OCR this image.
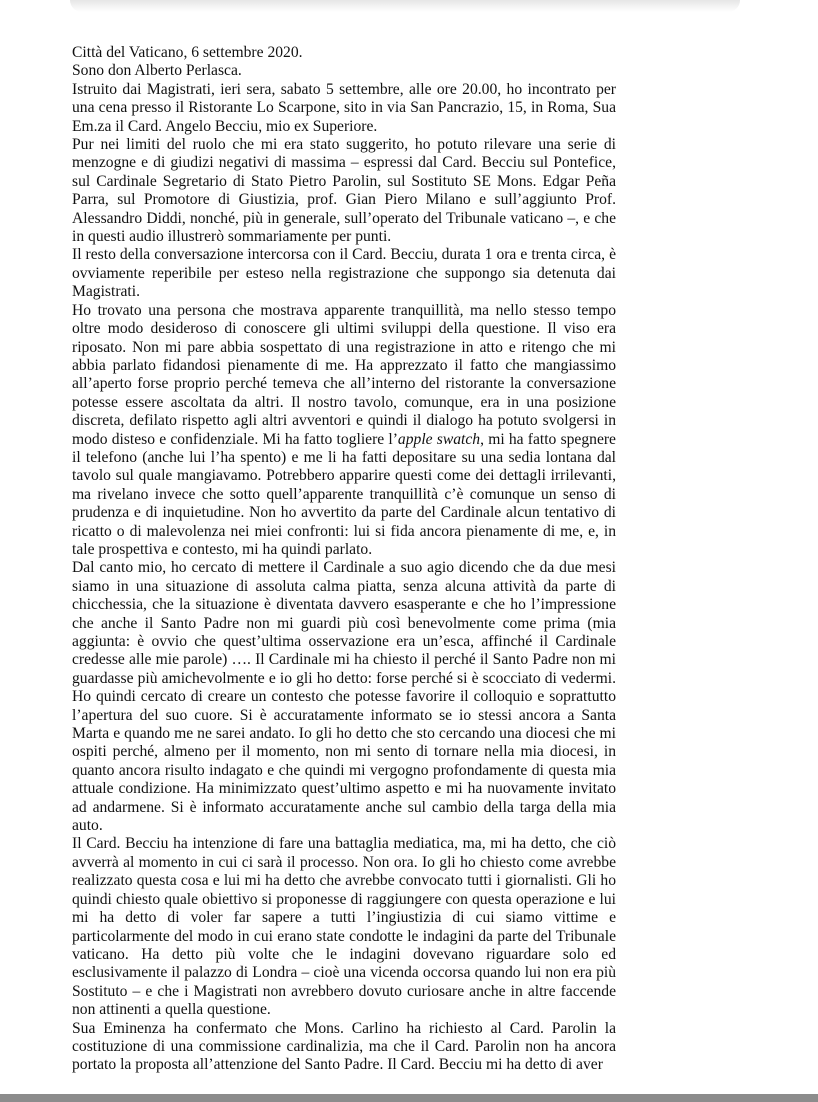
Città del Vaticano, 6 settembre 2020.

Sono don Alberto Perlasca.

Istruito dai Magistrati, ieri sera, sabato 5 settembre, alle ore 20.00, ho incontrato per una cena presso il Ristorante Lo Scarpone, sito in via San Pancrazio, 15, in Roma, Sua Em.za il Card. Angelo Becciu, mio ex Superiore.

Pur nei limiti del ruolo che mi era stato suggerito, ho potuto rilevare una serie di menzogne e di giudizi negativi di massima – espressi dal Card. Becciu sul Pontefice, sul Cardinale Segretario di Stato Pietro Parolin, sul Sostituto SE Mons. Edgar Peña Parra, sul Promotore di Giustizia, prof. Gian Piero Milano e sull’aggiunto Prof. Alessandro Diddi, nonché, più in generale, sull’operato del Tribunale vaticano –, e che in questi audio illustrerò sommariamente per punti.

Il resto della conversazione intercorsa con il Card. Becciu, durata 1 ora e trenta circa, è ovviamente reperibile per esteso nella registrazione che suppongo sia detenuta dai Magistrati.

Ho trovato una persona che mostrava apparente tranquillità, ma nello stesso tempo oltre modo desideroso di conoscere gli ultimi sviluppi della questione. Il viso era riposato. Non mi pare abbia sospettato di una registrazione in atto e ritengo che mi abbia parlato fidandosi pienamente di me. Ha apprezzato il fatto che mangiassimo all’aperto forse proprio perché temeva che all’interno del ristorante la conversazione potesse essere ascoltata da altri. Il nostro tavolo, comunque, era in una posizione discreta, defilato rispetto agli altri avventori e quindi il dialogo ha potuto svolgersi in modo disteso e confidenziale. Mi ha fatto togliere l’apple swatch, mi ha fatto spegnere il telefono (anche lui l’ha spento) e me li ha fatti depositare su una sedia lontana dal tavolo sul quale mangiavamo. Potrebbero apparire questi come dei dettagli irrilevanti, ma rivelano invece che sotto quell’apparente tranquillità c’è comunque un senso di prudenza e di inquietudine. Non ho avvertito da parte del Cardinale alcun tentativo di ricatto o di malevolenza nei miei confronti: lui si fida ancora pienamente di me, e, in tale prospettiva e contesto, mi ha quindi parlato.

Dal canto mio, ho cercato di mettere il Cardinale a suo agio dicendo che da due mesi siamo in una situazione di assoluta calma piatta, senza alcuna attività da parte di chicchessia, che la situazione è diventata davvero esasperante e che ho l’impressione che anche il Santo Padre non mi guardi più così benevolmente come prima (mia aggiunta: è ovvio che quest’ultima osservazione era un’esca, affinché il Cardinale credesse alle mie parole) …. Il Cardinale mi ha chiesto il perché il Santo Padre non mi guardasse più amichevolmente e io gli ho detto: forse perché si è scocciato di vedermi. Ho quindi cercato di creare un contesto che potesse favorire il colloquio e soprattutto l’apertura del suo cuore. Si è accuratamente informato se io stessi ancora a Santa Marta e quando me ne sarei andato. Io gli ho detto che sto cercando una diocesi che mi ospiti perché, almeno per il momento, non mi sento di tornare nella mia diocesi, in quanto ancora risulto indagato e che quindi mi vergogno profondamente di questa mia attuale condizione. Ha minimizzato quest’ultimo aspetto e mi ha nuovamente invitato ad andarmene. Si è informato accuratamente anche sul cambio della targa della mia auto.

Il Card. Becciu ha intenzione di fare una battaglia mediatica, ma, mi ha detto, che ciò avverrà al momento in cui ci sarà il processo. Non ora. Io gli ho chiesto come avrebbe realizzato questa cosa e lui mi ha detto che avrebbe convocato tutti i giornalisti. Gli ho quindi chiesto quale obiettivo si proponesse di raggiungere con questa operazione e lui mi ha detto di voler far sapere a tutti l’ingiustizia di cui siamo vittime e particolarmente del modo in cui erano state condotte le indagini da parte del Tribunale vaticano. Ha detto più volte che le indagini dovevano riguardare solo ed esclusivamente il palazzo di Londra – cioè una vicenda occorsa quando lui non era più Sostituto – e che i Magistrati non avrebbero dovuto curiosare anche in altre faccende non attinenti a quella questione.

Sua Eminenza ha confermato che Mons. Carlino ha richiesto al Card. Parolin la costituzione di una commissione cardinalizia, ma che il Card. Parolin non ha ancora portato la proposta all’attenzione del Santo Padre. Il Card. Becciu mi ha detto di aver
